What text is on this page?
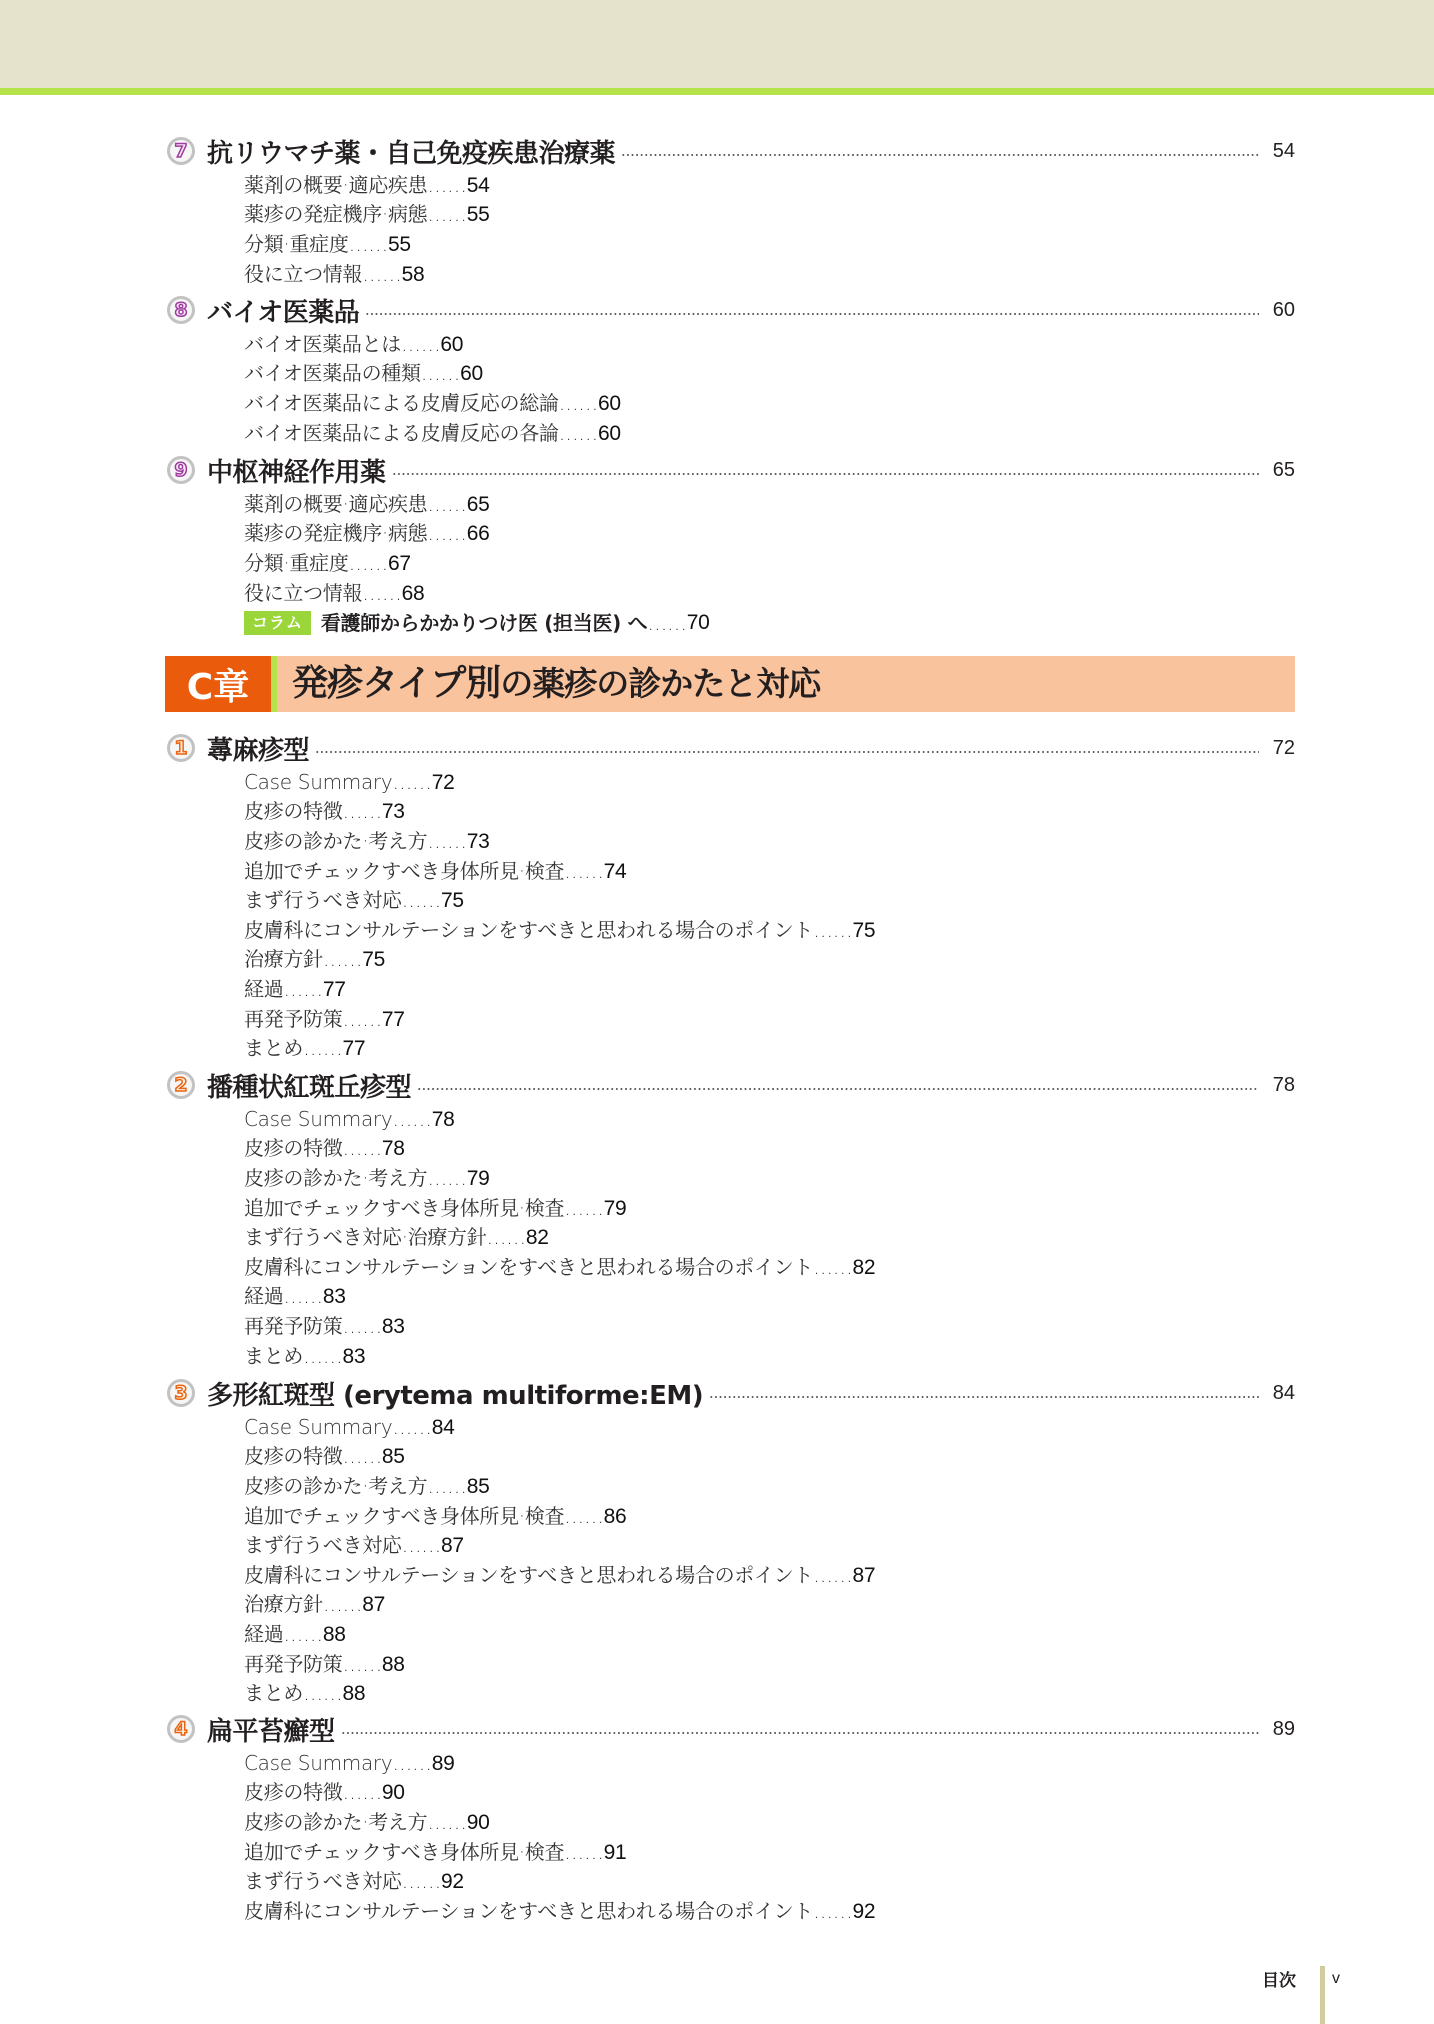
7 抗リウマチ薬・自己免疫疾患治療薬	54
薬剤の概要·適応疾患……54
薬疹の発症機序·病態……55
分類·重症度……55
役に立つ情報……58
8 バイオ医薬品	60
バイオ医薬品とは……60
バイオ医薬品の種類……60
バイオ医薬品による皮膚反応の総論……60
バイオ医薬品による皮膚反応の各論……60
9 中枢神経作用薬	65
薬剤の概要·適応疾患……65
薬疹の発症機序·病態……66
分類·重症度……67
役に立つ情報……68
コラム 看護師からかかりつけ医 (担当医) へ …… 70
1 蕁麻疹型	72
Case Summary……72
皮疹の特徴……73
皮疹の診かた·考え方……73
追加でチェックすべき身体所見·検査……74
まず行うべき対応……75
皮膚科にコンサルテーションをすべきと思われる場合のポイント……75
治療方針……75
経過……77
再発予防策……77
まとめ……77
2 播種状紅斑丘疹型	78
Case Summary……78
皮疹の特徴……78
皮疹の診かた·考え方……79
追加でチェックすべき身体所見·検査……79
まず行うべき対応·治療方針……82
皮膚科にコンサルテーションをすべきと思われる場合のポイント……82
経過……83
再発予防策……83
まとめ……83
3 多形紅斑型 (erytema multiforme:EM)	84
Case Summary……84
皮疹の特徴……85
皮疹の診かた·考え方……85
追加でチェックすべき身体所見·検査……86
まず行うべき対応……87
皮膚科にコンサルテーションをすべきと思われる場合のポイント……87
治療方針……87
経過……88
再発予防策……88
まとめ……88
4 扁平苔癬型	89
Case Summary……89
皮疹の特徴……90
皮疹の診かた·考え方……90
追加でチェックすべき身体所見·検査……91
まず行うべき対応……92
皮膚科にコンサルテーションをすべきと思われる場合のポイント……92
C章	発疹タイプ別の薬疹の診かたと対応
目次 v
